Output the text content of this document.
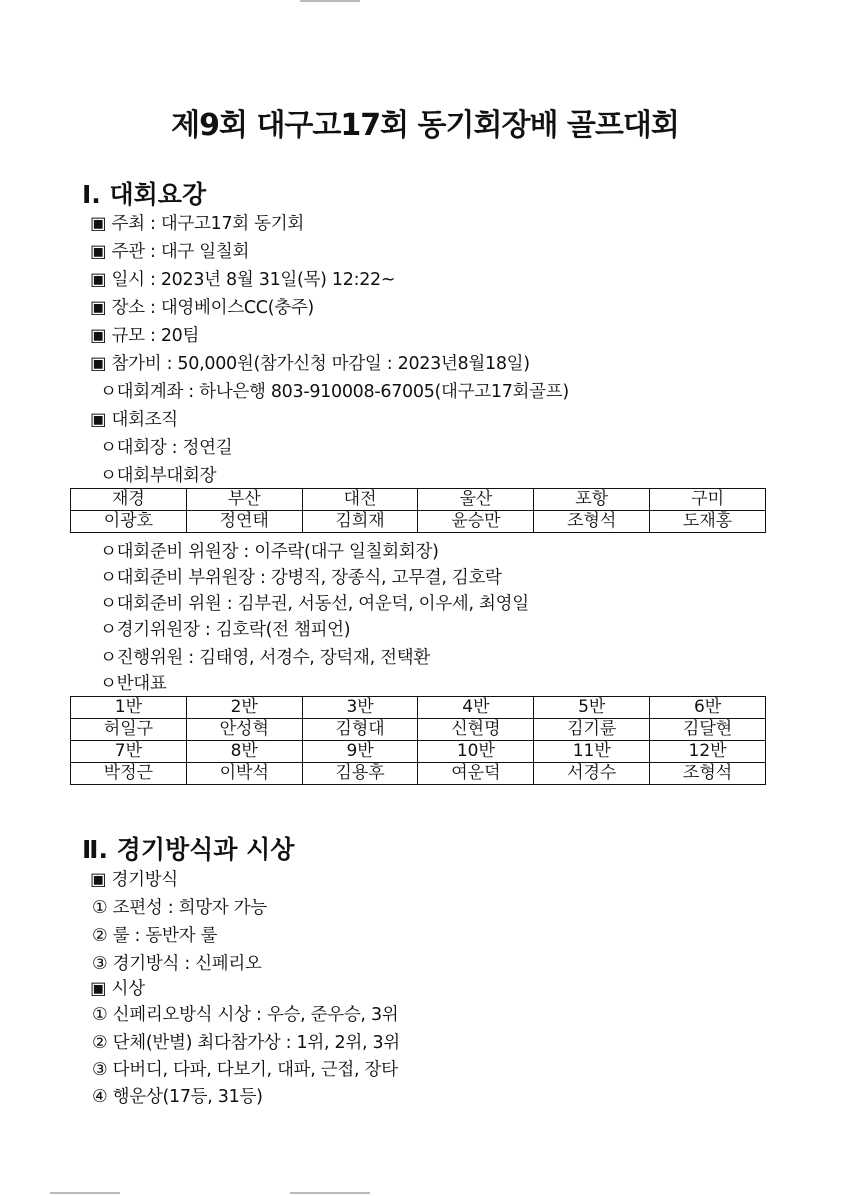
제9회 대구고17회 동기회장배 골프대회
Ⅰ. 대회요강
▣ 주최 : 대구고17회 동기회
▣ 주관 : 대구 일칠회
▣ 일시 : 2023년 8월 31일(목) 12:22~
▣ 장소 : 대영베이스CC(충주)
▣ 규모 : 20팀
▣ 참가비 : 50,000원(참가신청 마감일 : 2023년8월18일)
ㅇ대회계좌 : 하나은행 803-910008-67005(대구고17회골프)
▣ 대회조직
ㅇ대회장 : 정연길
ㅇ대회부대회장
재경	부산	대전	울산	포항	구미
이광호	정연태	김희재	윤승만	조형석	도재홍
ㅇ대회준비 위원장 : 이주락(대구 일칠회회장)
ㅇ대회준비 부위원장 : 강병직, 장종식, 고무결, 김호락
ㅇ대회준비 위원 : 김부권, 서동선, 여운덕, 이우세, 최영일
ㅇ경기위원장 : 김호락(전 챔피언)
ㅇ진행위원 : 김태영, 서경수, 장덕재, 전택환
ㅇ반대표
1반	2반	3반	4반	5반	6반
허일구	안성혁	김형대	신현명	김기륜	김달현
7반	8반	9반	10반	11반	12반
박정근	이박석	김용후	여운덕	서경수	조형석
Ⅱ. 경기방식과 시상
▣ 경기방식
① 조편성 : 희망자 가능
② 룰 : 동반자 룰
③ 경기방식 : 신페리오
▣ 시상
① 신페리오방식 시상 : 우승, 준우승, 3위
② 단체(반별) 최다참가상 : 1위, 2위, 3위
③ 다버디, 다파, 다보기, 대파, 근접, 장타
④ 행운상(17등, 31등)
